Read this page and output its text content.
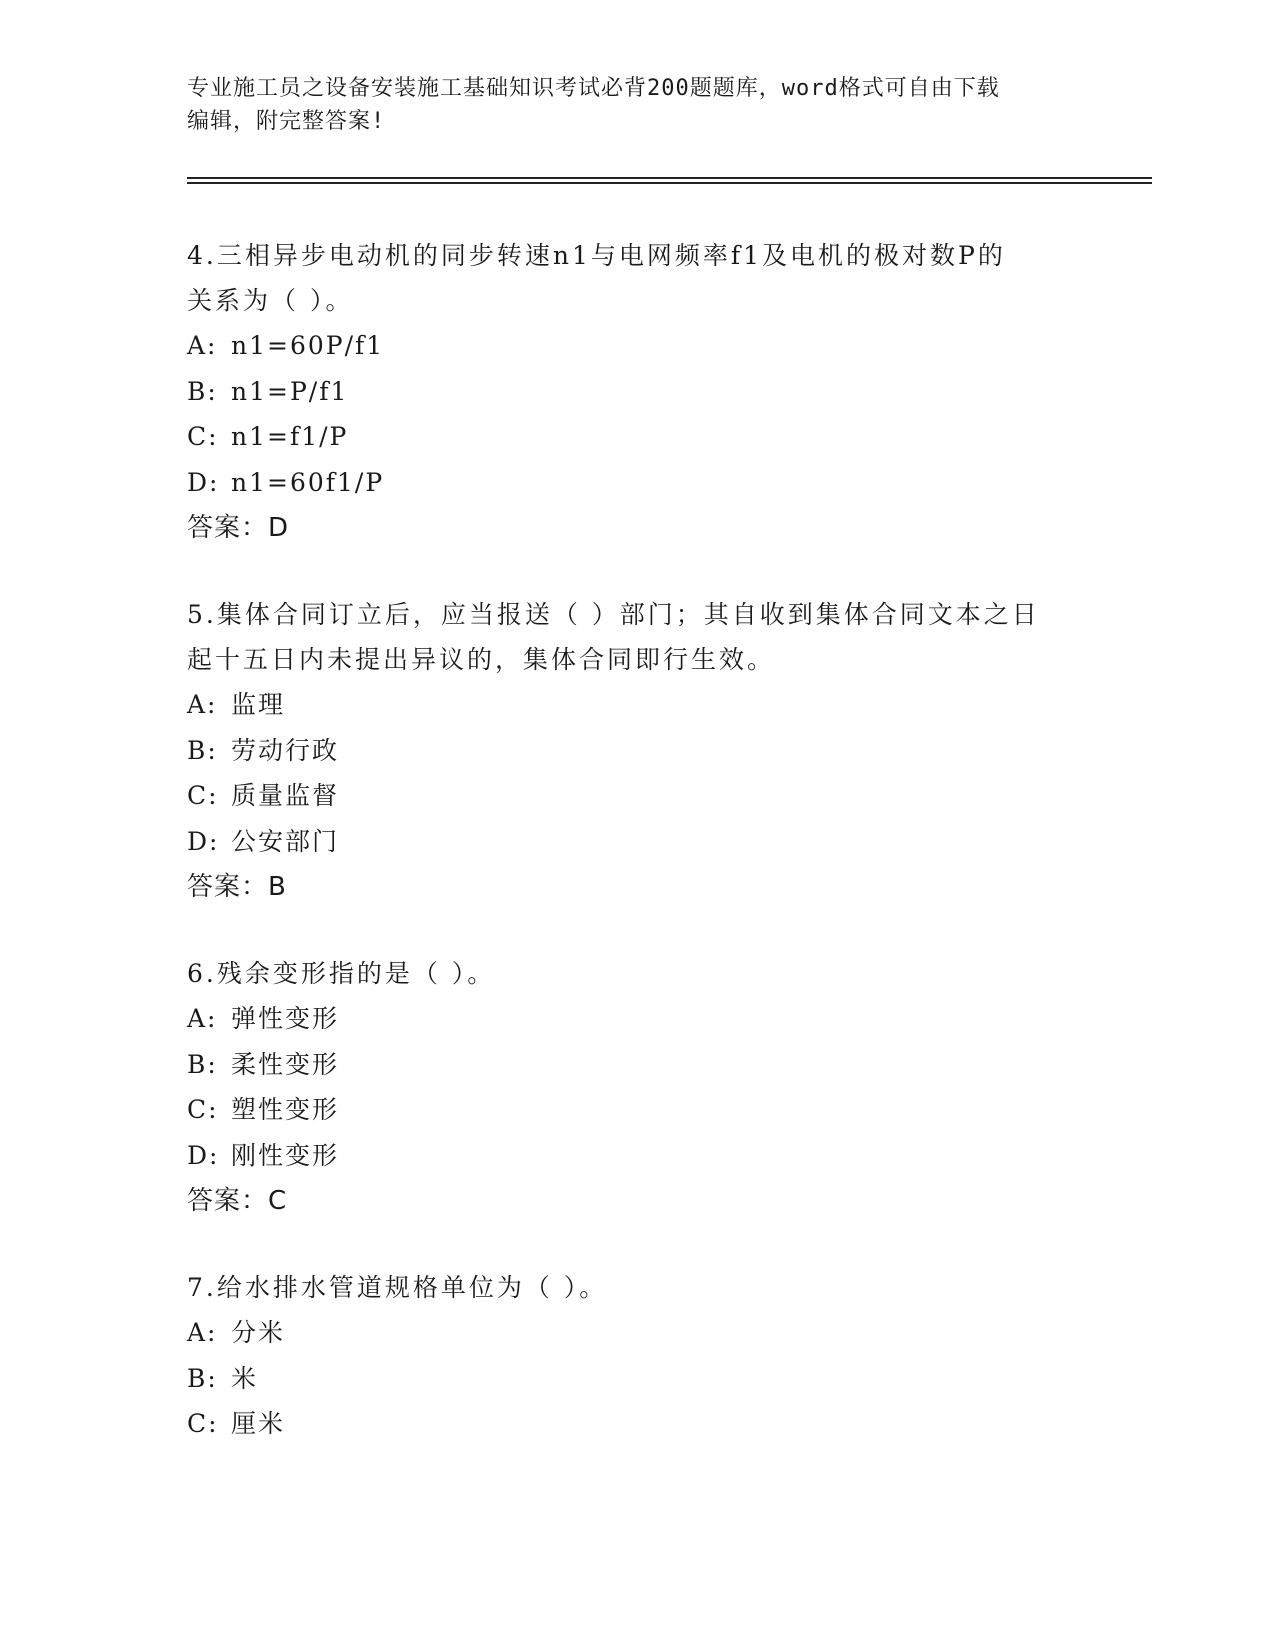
专业施工员之设备安装施工基础知识考试必背200题题库，word格式可自由下载
编辑，附完整答案!
4.三相异步电动机的同步转速n1与电网频率f1及电机的极对数P的
关系为（ ）。
A: n1=60P/f1
B: n1=P/f1
C: n1=f1/P
D: n1=60f1/P
答案：D
5.集体合同订立后，应当报送（ ）部门；其自收到集体合同文本之日
起十五日内未提出异议的，集体合同即行生效。
A: 监理
B: 劳动行政
C: 质量监督
D: 公安部门
答案：B
6.残余变形指的是（ ）。
A: 弹性变形
B: 柔性变形
C: 塑性变形
D: 刚性变形
答案：C
7.给水排水管道规格单位为（ ）。
A: 分米
B: 米
C: 厘米
